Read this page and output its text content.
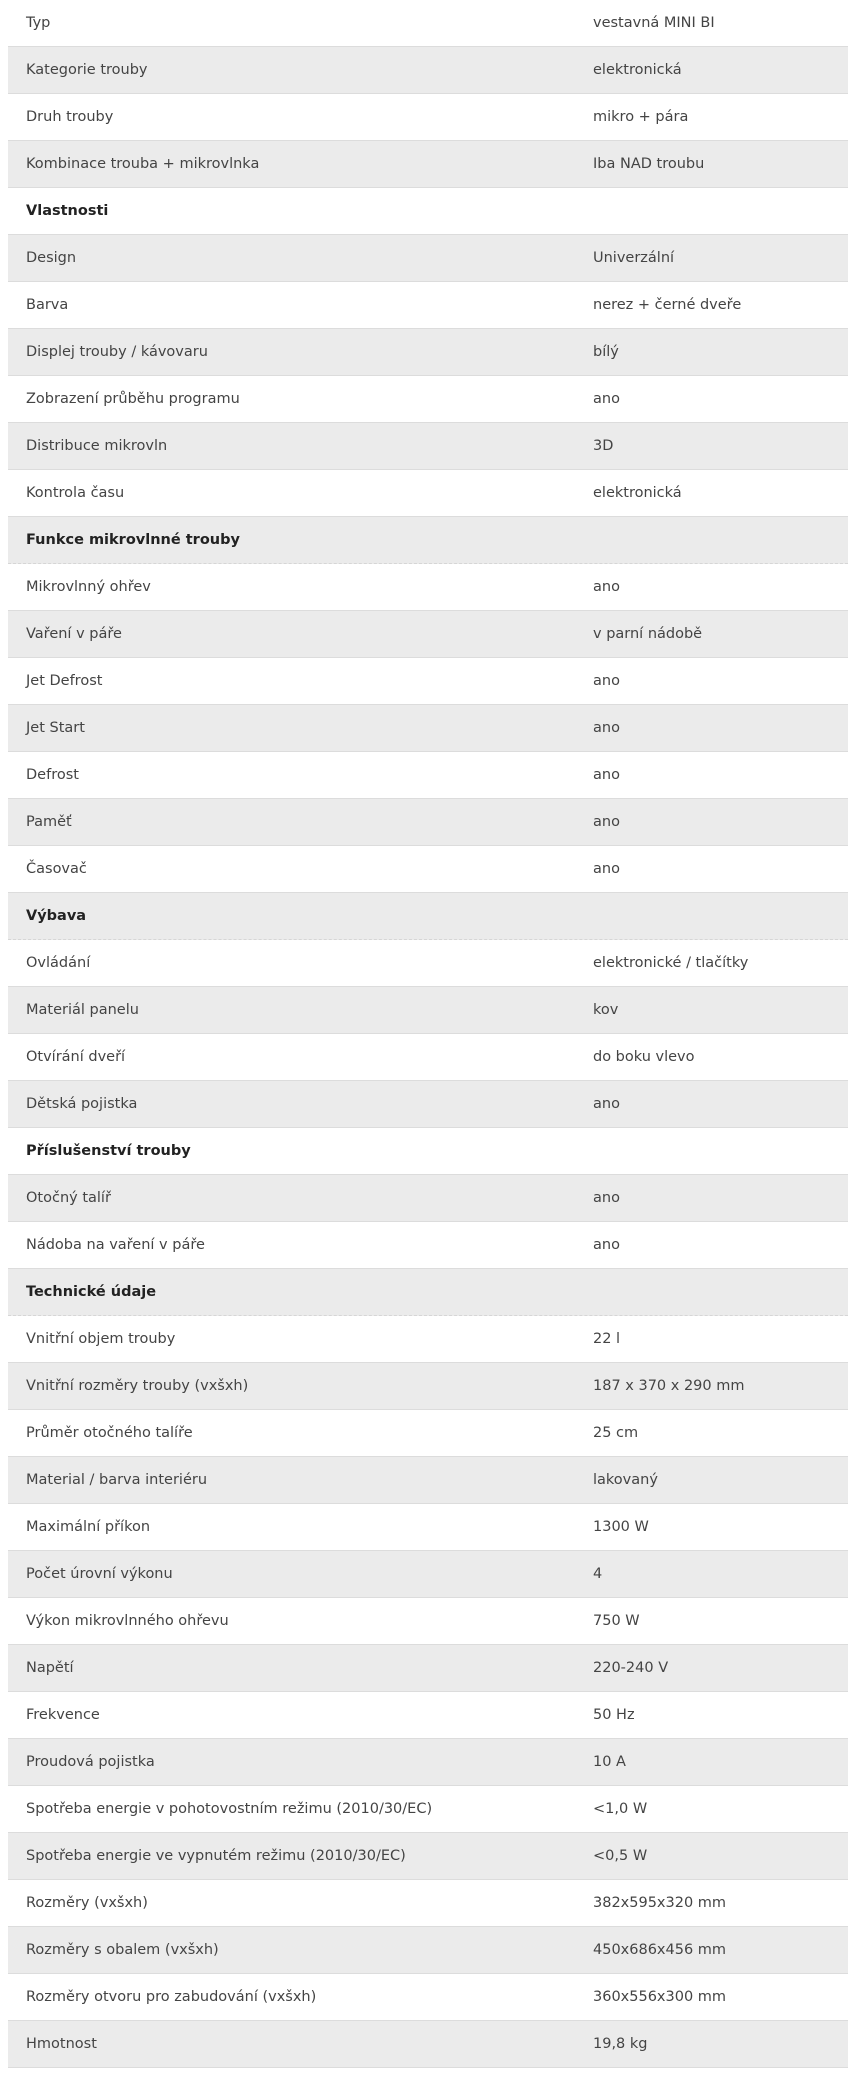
Typ	vestavná MINI BI
Kategorie trouby	elektronická
Druh trouby	mikro + pára
Kombinace trouba + mikrovlnka	Iba NAD troubu
Vlastnosti
Design	Univerzální
Barva	nerez + černé dveře
Displej trouby / kávovaru	bílý
Zobrazení průběhu programu	ano
Distribuce mikrovln	3D
Kontrola času	elektronická
Funkce mikrovlnné trouby
Mikrovlnný ohřev	ano
Vaření v páře	v parní nádobě
Jet Defrost	ano
Jet Start	ano
Defrost	ano
Paměť	ano
Časovač	ano
Výbava
Ovládání	elektronické / tlačítky
Materiál panelu	kov
Otvírání dveří	do boku vlevo
Dětská pojistka	ano
Příslušenství trouby
Otočný talíř	ano
Nádoba na vaření v páře	ano
Technické údaje
Vnitřní objem trouby	22 l
Vnitřní rozměry trouby (vxšxh)	187 x 370 x 290 mm
Průměr otočného talíře	25 cm
Material / barva interiéru	lakovaný
Maximální příkon	1300 W
Počet úrovní výkonu	4
Výkon mikrovlnného ohřevu	750 W
Napětí	220-240 V
Frekvence	50 Hz
Proudová pojistka	10 A
Spotřeba energie v pohotovostním režimu (2010/30/EC)	<1,0 W
Spotřeba energie ve vypnutém režimu (2010/30/EC)	<0,5 W
Rozměry (vxšxh)	382x595x320 mm
Rozměry s obalem (vxšxh)	450x686x456 mm
Rozměry otvoru pro zabudování (vxšxh)	360x556x300 mm
Hmotnost	19,8 kg
